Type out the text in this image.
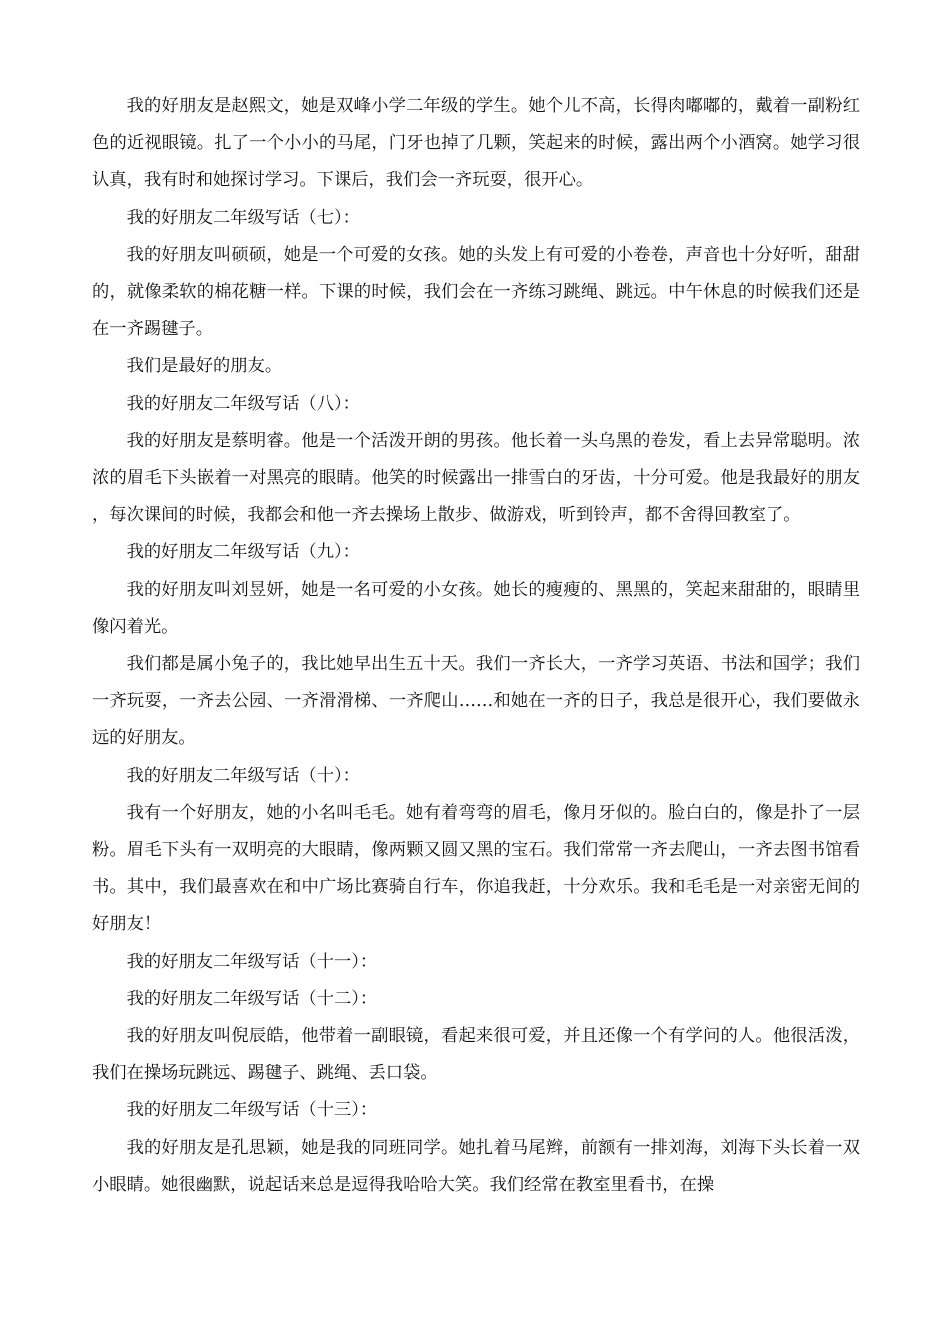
我的好朋友是赵熙文，她是双峰小学二年级的学生。她个儿不高，长得肉嘟嘟的，戴着一副粉红色的近视眼镜。扎了一个小小的马尾，门牙也掉了几颗，笑起来的时候，露出两个小酒窝。她学习很认真，我有时和她探讨学习。下课后，我们会一齐玩耍，很开心。

我的好朋友二年级写话（七）：

我的好朋友叫硕硕，她是一个可爱的女孩。她的头发上有可爱的小卷卷，声音也十分好听，甜甜的，就像柔软的棉花糖一样。下课的时候，我们会在一齐练习跳绳、跳远。中午休息的时候我们还是在一齐踢毽子。

我们是最好的朋友。

我的好朋友二年级写话（八）：

我的好朋友是蔡明睿。他是一个活泼开朗的男孩。他长着一头乌黑的卷发，看上去异常聪明。浓浓的眉毛下头嵌着一对黑亮的眼睛。他笑的时候露出一排雪白的牙齿，十分可爱。他是我最好的朋友，每次课间的时候，我都会和他一齐去操场上散步、做游戏，听到铃声，都不舍得回教室了。

我的好朋友二年级写话（九）：

我的好朋友叫刘昱妍，她是一名可爱的小女孩。她长的瘦瘦的、黑黑的，笑起来甜甜的，眼睛里像闪着光。

我们都是属小兔子的，我比她早出生五十天。我们一齐长大，一齐学习英语、书法和国学；我们一齐玩耍，一齐去公园、一齐滑滑梯、一齐爬山……和她在一齐的日子，我总是很开心，我们要做永远的好朋友。

我的好朋友二年级写话（十）：

我有一个好朋友，她的小名叫毛毛。她有着弯弯的眉毛，像月牙似的。脸白白的，像是扑了一层粉。眉毛下头有一双明亮的大眼睛，像两颗又圆又黑的宝石。我们常常一齐去爬山，一齐去图书馆看书。其中，我们最喜欢在和中广场比赛骑自行车，你追我赶，十分欢乐。我和毛毛是一对亲密无间的好朋友！

我的好朋友二年级写话（十一）：

我的好朋友二年级写话（十二）：

我的好朋友叫倪辰皓，他带着一副眼镜，看起来很可爱，并且还像一个有学问的人。他很活泼，我们在操场玩跳远、踢毽子、跳绳、丢口袋。

我的好朋友二年级写话（十三）：

我的好朋友是孔思颖，她是我的同班同学。她扎着马尾辫，前额有一排刘海，刘海下头长着一双小眼睛。她很幽默，说起话来总是逗得我哈哈大笑。我们经常在教室里看书，在操
